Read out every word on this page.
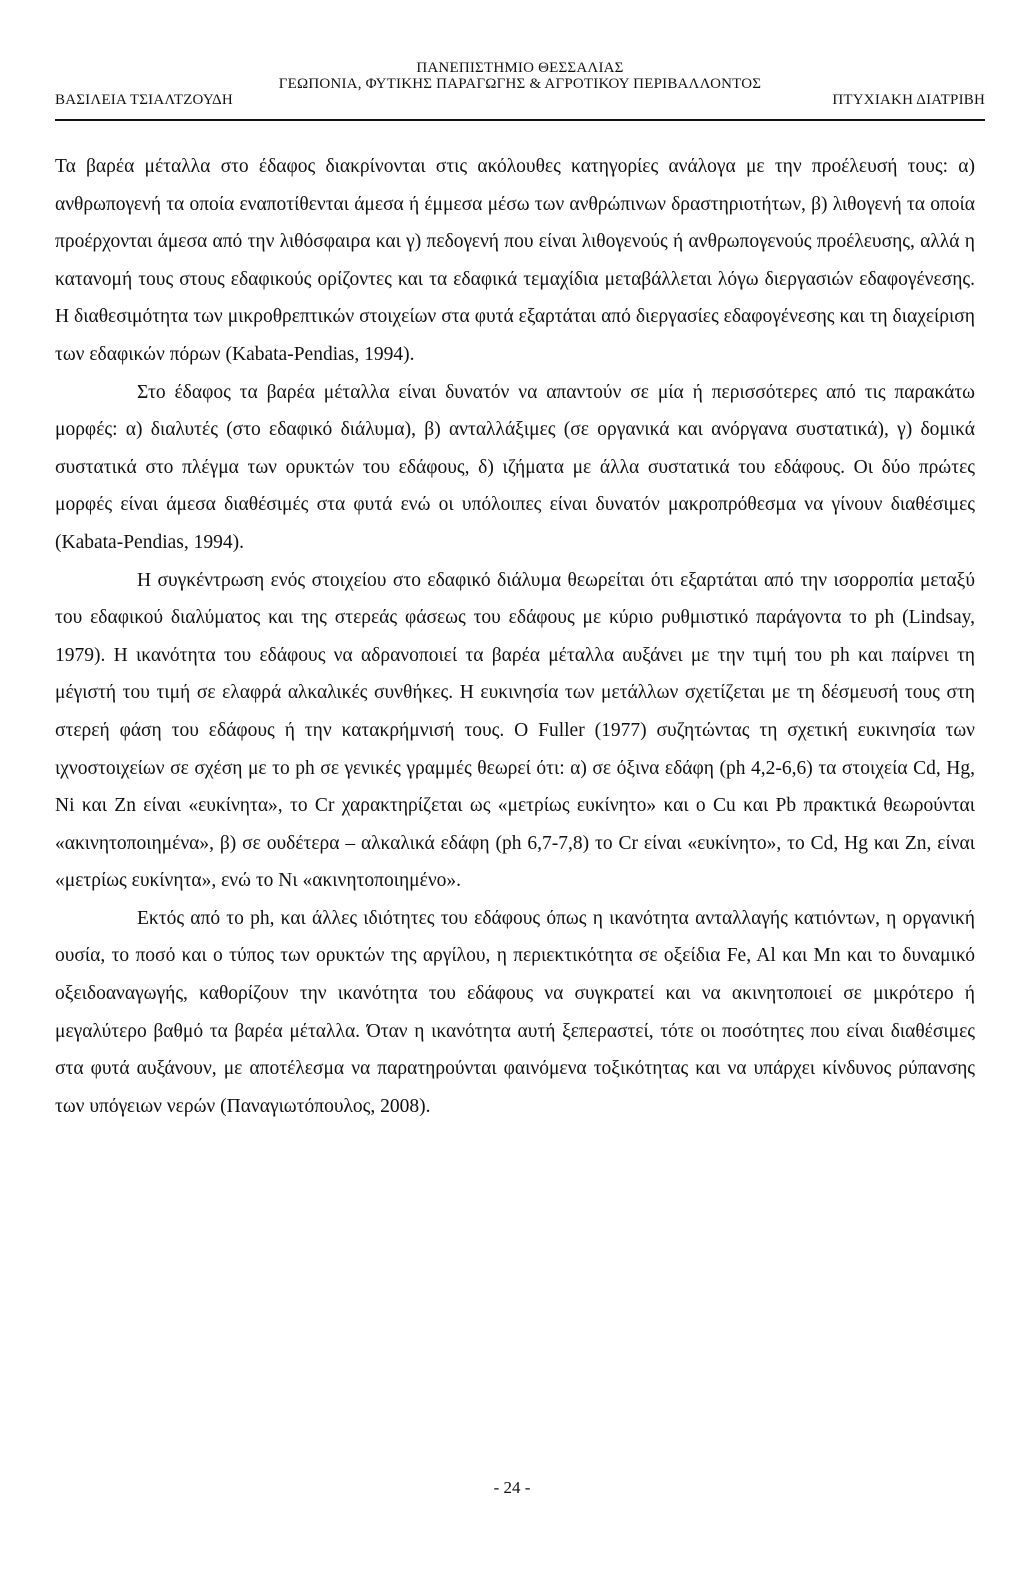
ΠΑΝΕΠΙΣΤΗΜΙΟ ΘΕΣΣΑΛΙΑΣ
ΓΕΩΠΟΝΙΑ, ΦΥΤΙΚΗΣ ΠΑΡΑΓΩΓΗΣ & ΑΓΡΟΤΙΚΟΥ ΠΕΡΙΒΑΛΛΟΝΤΟΣ
ΒΑΣΙΛΕΙΑ ΤΣΙΑΛΤΖΟΥΔΗ	ΠΤΥΧΙΑΚΗ ΔΙΑΤΡΙΒΗ

Τα βαρέα μέταλλα στο έδαφος διακρίνονται στις ακόλουθες κατηγορίες ανάλογα με την προέλευσή τους: α) ανθρωπογενή τα οποία εναποτίθενται άμεσα ή έμμεσα μέσω των ανθρώπινων δραστηριοτήτων, β) λιθογενή τα οποία προέρχονται άμεσα από την λιθόσφαιρα και γ) πεδογενή που είναι λιθογενούς ή ανθρωπογενούς προέλευσης, αλλά η κατανομή τους στους εδαφικούς ορίζοντες και τα εδαφικά τεμαχίδια μεταβάλλεται λόγω διεργασιών εδαφογένεσης. Η διαθεσιμότητα των μικροθρεπτικών στοιχείων στα φυτά εξαρτάται από διεργασίες εδαφογένεσης και τη διαχείριση των εδαφικών πόρων (Kabata-Pendias, 1994).

Στο έδαφος τα βαρέα μέταλλα είναι δυνατόν να απαντούν σε μία ή περισσότερες από τις παρακάτω μορφές: α) διαλυτές (στο εδαφικό διάλυμα), β) ανταλλάξιμες (σε οργανικά και ανόργανα συστατικά), γ) δομικά συστατικά στο πλέγμα των ορυκτών του εδάφους, δ) ιζήματα με άλλα συστατικά του εδάφους. Οι δύο πρώτες μορφές είναι άμεσα διαθέσιμές στα φυτά ενώ οι υπόλοιπες είναι δυνατόν μακροπρόθεσμα να γίνουν διαθέσιμες (Kabata-Pendias, 1994).

Η συγκέντρωση ενός στοιχείου στο εδαφικό διάλυμα θεωρείται ότι εξαρτάται από την ισορροπία μεταξύ του εδαφικού διαλύματος και της στερεάς φάσεως του εδάφους με κύριο ρυθμιστικό παράγοντα το ph (Lindsay, 1979). Η ικανότητα του εδάφους να αδρανοποιεί τα βαρέα μέταλλα αυξάνει με την τιμή του ph και παίρνει τη μέγιστή του τιμή σε ελαφρά αλκαλικές συνθήκες. Η ευκινησία των μετάλλων σχετίζεται με τη δέσμευσή τους στη στερεή φάση του εδάφους ή την κατακρήμνισή τους. Ο Fuller (1977) συζητώντας τη σχετική ευκινησία των ιχνοστοιχείων σε σχέση με το ph σε γενικές γραμμές θεωρεί ότι: α) σε όξινα εδάφη (ph 4,2-6,6) τα στοιχεία Cd, Hg, Ni και Zn είναι «ευκίνητα», το Cr χαρακτηρίζεται ως «μετρίως ευκίνητο» και ο Cu και Pb πρακτικά θεωρούνται «ακινητοποιημένα», β) σε ουδέτερα – αλκαλικά εδάφη (ph 6,7-7,8) το Cr είναι «ευκίνητο», το Cd, Hg και Zn, είναι «μετρίως ευκίνητα», ενώ το Nι «ακινητοποιημένο».

Εκτός από το ph, και άλλες ιδιότητες του εδάφους όπως η ικανότητα ανταλλαγής κατιόντων, η οργανική ουσία, το ποσό και ο τύπος των ορυκτών της αργίλου, η περιεκτικότητα σε οξείδια Fe, Al και Mn και το δυναμικό οξειδοαναγωγής, καθορίζουν την ικανότητα του εδάφους να συγκρατεί και να ακινητοποιεί σε μικρότερο ή μεγαλύτερο βαθμό τα βαρέα μέταλλα. Όταν η ικανότητα αυτή ξεπεραστεί, τότε οι ποσότητες που είναι διαθέσιμες στα φυτά αυξάνουν, με αποτέλεσμα να παρατηρούνται φαινόμενα τοξικότητας και να υπάρχει κίνδυνος ρύπανσης των υπόγειων νερών (Παναγιωτόπουλος, 2008).

- 24 -
